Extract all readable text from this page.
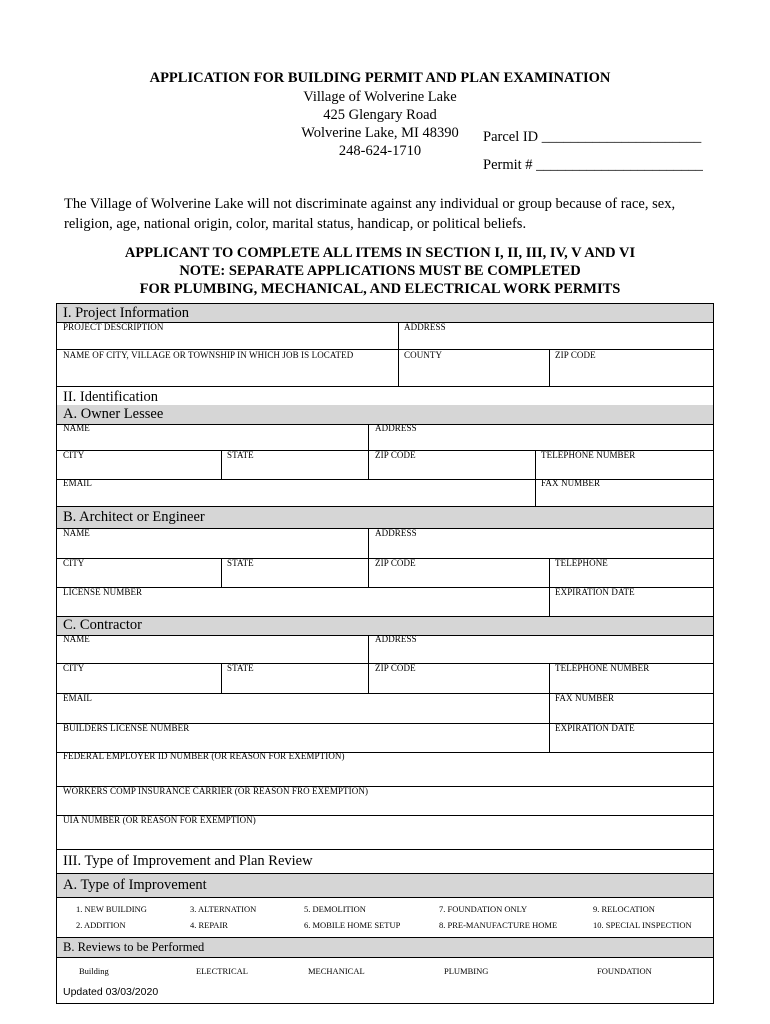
APPLICATION FOR BUILDING PERMIT AND PLAN EXAMINATION
Village of Wolverine Lake
425 Glengary Road
Wolverine Lake, MI 48390
248-624-1710
Parcel ID ______________________
Permit # _______________________
The Village of Wolverine Lake will not discriminate against any individual or group because of race, sex, religion, age, national origin, color, marital status, handicap, or political beliefs.
APPLICANT TO COMPLETE ALL ITEMS IN SECTION I, II, III, IV, V AND VI
NOTE: SEPARATE APPLICATIONS MUST BE COMPLETED
FOR PLUMBING, MECHANICAL, AND ELECTRICAL WORK PERMITS
I. Project Information
PROJECT DESCRIPTION	ADDRESS
NAME OF CITY, VILLAGE OR TOWNSHIP IN WHICH JOB IS LOCATED	COUNTY	ZIP CODE
II. Identification
A. Owner Lessee
NAME	ADDRESS
CITY	STATE	ZIP CODE	TELEPHONE NUMBER
EMAIL	FAX NUMBER
B. Architect or Engineer
NAME	ADDRESS
CITY	STATE	ZIP CODE	TELEPHONE
LICENSE NUMBER	EXPIRATION DATE
C. Contractor
NAME	ADDRESS
CITY	STATE	ZIP CODE	TELEPHONE NUMBER
EMAIL	FAX NUMBER
BUILDERS LICENSE NUMBER	EXPIRATION DATE
FEDERAL EMPLOYER ID NUMBER (OR REASON FOR EXEMPTION)
WORKERS COMP INSURANCE CARRIER (OR REASON FRO EXEMPTION)
UIA NUMBER (OR REASON FOR EXEMPTION)
III. Type of Improvement and Plan Review
A. Type of Improvement
1. NEW BUILDING	3. ALTERNATION	5. DEMOLITION	7. FOUNDATION ONLY	9. RELOCATION
2. ADDITION	4. REPAIR	6. MOBILE HOME SETUP	8. PRE-MANUFACTURE HOME	10. SPECIAL INSPECTION
B. Reviews to be Performed
Building	ELECTRICAL	MECHANICAL	PLUMBING	FOUNDATION
Updated 03/03/2020
